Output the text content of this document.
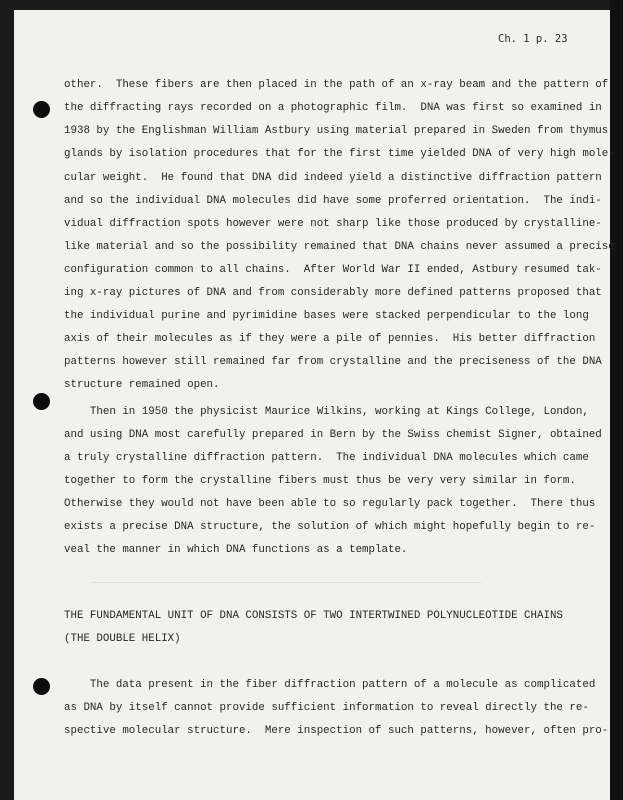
Ch. 1 p. 23
other.  These fibers are then placed in the path of an x-ray beam and the pattern of
the diffracting rays recorded on a photographic film.  DNA was first so examined in
1938 by the Englishman William Astbury using material prepared in Sweden from thymus
glands by isolation procedures that for the first time yielded DNA of very high mole-
cular weight.  He found that DNA did indeed yield a distinctive diffraction pattern
and so the individual DNA molecules did have some proferred orientation.  The indi-
vidual diffraction spots however were not sharp like those produced by crystalline-
like material and so the possibility remained that DNA chains never assumed a precise
configuration common to all chains.  After World War II ended, Astbury resumed tak-
ing x-ray pictures of DNA and from considerably more defined patterns proposed that
the individual purine and pyrimidine bases were stacked perpendicular to the long
axis of their molecules as if they were a pile of pennies.  His better diffraction
patterns however still remained far from crystalline and the preciseness of the DNA
structure remained open.
Then in 1950 the physicist Maurice Wilkins, working at Kings College, London,
and using DNA most carefully prepared in Bern by the Swiss chemist Signer, obtained
a truly crystalline diffraction pattern.  The individual DNA molecules which came
together to form the crystalline fibers must thus be very very similar in form.
Otherwise they would not have been able to so regularly pack together.  There thus
exists a precise DNA structure, the solution of which might hopefully begin to re-
veal the manner in which DNA functions as a template.
THE FUNDAMENTAL UNIT OF DNA CONSISTS OF TWO INTERTWINED POLYNUCLEOTIDE CHAINS
(THE DOUBLE HELIX)
The data present in the fiber diffraction pattern of a molecule as complicated
as DNA by itself cannot provide sufficient information to reveal directly the re-
spective molecular structure.  Mere inspection of such patterns, however, often pro-
